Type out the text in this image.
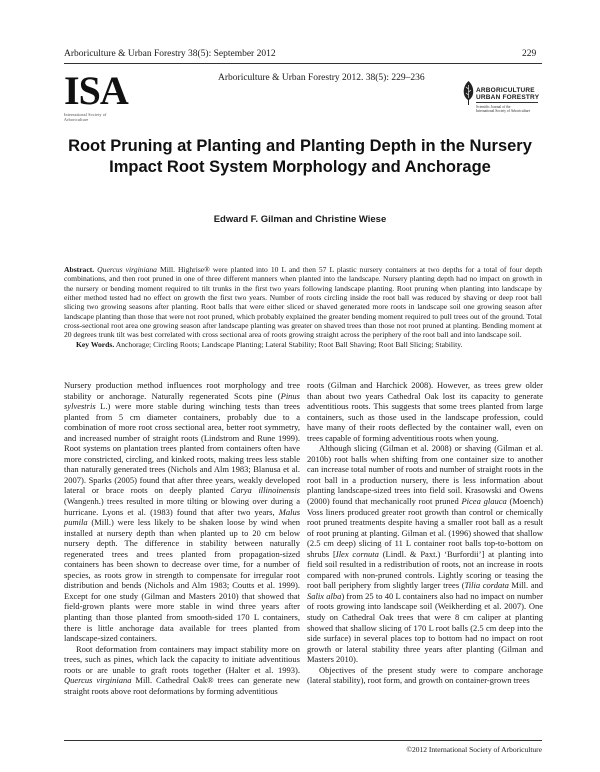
Arboriculture & Urban Forestry 38(5): September 2012	229
ISA
International Society of Arboriculture
Arboriculture & Urban Forestry 2012. 38(5): 229–236
ARBORICULTURE
URBAN FORESTRY
Scientific Journal of the
International Society of Arboriculture
Root Pruning at Planting and Planting Depth in the Nursery
Impact Root System Morphology and Anchorage
Edward F. Gilman and Christine Wiese

Abstract. Quercus virginiana Mill. Highrise® were planted into 10 L and then 57 L plastic nursery containers at two depths for a total of four depth combinations, and then root pruned in one of three different manners when planted into the landscape. Nursery planting depth had no impact on growth in the nursery or bending moment required to tilt trunks in the first two years following landscape planting. Root pruning when planting into landscape by either method tested had no effect on growth the first two years. Number of roots circling inside the root ball was reduced by shaving or deep root ball slicing two growing seasons after planting. Root balls that were either sliced or shaved generated more roots in landscape soil one growing season after landscape planting than those that were not root pruned, which probably explained the greater bending moment required to pull trees out of the ground. Total cross-sectional root area one growing season after landscape planting was greater on shaved trees than those not root pruned at planting. Bending moment at 20 degrees trunk tilt was best correlated with cross sectional area of roots growing straight across the periphery of the root ball and into landscape soil.

Key Words. Anchorage; Circling Roots; Landscape Planting; Lateral Stability; Root Ball Shaving; Root Ball Slicing; Stability.

Nursery production method influences root morphology and tree stability or anchorage. Naturally regenerated Scots pine (Pinus sylvestris L.) were more stable during winching tests than trees planted from 5 cm diameter containers, probably due to a combination of more root cross sectional area, better root symmetry, and increased number of straight roots (Lindstrom and Rune 1999). Root systems on plantation trees planted from containers often have more constricted, circling, and kinked roots, making trees less stable than naturally generated trees (Nichols and Alm 1983; Blanusa et al. 2007). Sparks (2005) found that after three years, weakly developed lateral or brace roots on deeply planted Carya illinoinensis (Wangenh.) trees resulted in more tilting or blowing over during a hurricane. Lyons et al. (1983) found that after two years, Malus pumila (Mill.) were less likely to be shaken loose by wind when installed at nursery depth than when planted up to 20 cm below nursery depth. The difference in stability between naturally regenerated trees and trees planted from propagation-sized containers has been shown to decrease over time, for a number of species, as roots grow in strength to compensate for irregular root distribution and bends (Nichols and Alm 1983; Coutts et al. 1999). Except for one study (Gilman and Masters 2010) that showed that field-grown plants were more stable in wind three years after planting than those planted from smooth-sided 170 L containers, there is little anchorage data available for trees planted from landscape-sized containers.

Root deformation from containers may impact stability more on trees, such as pines, which lack the capacity to initiate adventitious roots or are unable to graft roots together (Halter et al. 1993). Quercus virginiana Mill. Cathedral Oak® trees can generate new straight roots above root deformations by forming adventitious

roots (Gilman and Harchick 2008). However, as trees grew older than about two years Cathedral Oak lost its capacity to generate adventitious roots. This suggests that some trees planted from large containers, such as those used in the landscape profession, could have many of their roots deflected by the container wall, even on trees capable of forming adventitious roots when young.

Although slicing (Gilman et al. 2008) or shaving (Gilman et al. 2010b) root balls when shifting from one container size to another can increase total number of roots and number of straight roots in the root ball in a production nursery, there is less information about planting landscape-sized trees into field soil. Krasowski and Owens (2000) found that mechanically root pruned Picea glauca (Moench) Voss liners produced greater root growth than control or chemically root pruned treatments despite having a smaller root ball as a result of root pruning at planting. Gilman et al. (1996) showed that shallow (2.5 cm deep) slicing of 11 L container root balls top-to-bottom on shrubs [Ilex cornuta (Lindl. & Paxt.) ‘Burfordii’] at planting into field soil resulted in a redistribution of roots, not an increase in roots compared with non-pruned controls. Lightly scoring or teasing the root ball periphery from slightly larger trees (Tilia cordata Mill. and Salix alba) from 25 to 40 L containers also had no impact on number of roots growing into landscape soil (Weikherding et al. 2007). One study on Cathedral Oak trees that were 8 cm caliper at planting showed that shallow slicing of 170 L root balls (2.5 cm deep into the side surface) in several places top to bottom had no impact on root growth or lateral stability three years after planting (Gilman and Masters 2010).

Objectives of the present study were to compare anchorage (lateral stability), root form, and growth on container-grown trees

©2012 International Society of Arboriculture
